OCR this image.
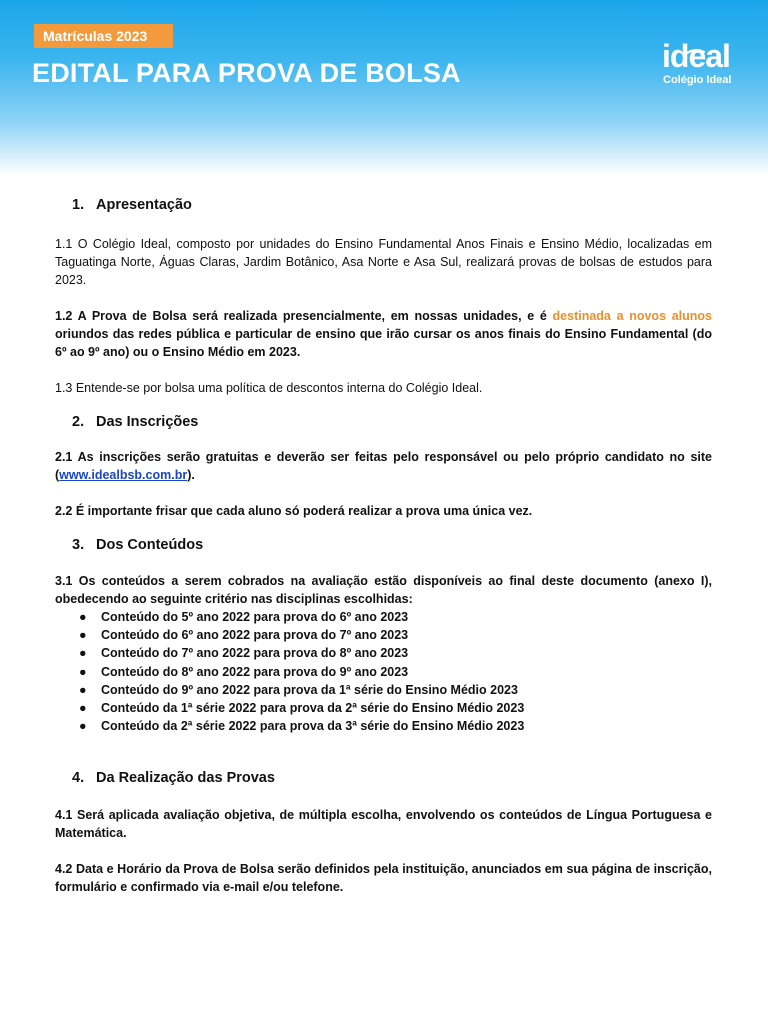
Matrículas 2023
EDITAL PARA PROVA DE BOLSA	ideal
Colégio Ideal
1. Apresentação

1.1 O Colégio Ideal, composto por unidades do Ensino Fundamental Anos Finais e Ensino Médio, localizadas em Taguatinga Norte, Águas Claras, Jardim Botânico, Asa Norte e Asa Sul, realizará provas de bolsas de estudos para 2023.

1.2 A Prova de Bolsa será realizada presencialmente, em nossas unidades, e é destinada a novos alunos oriundos das redes pública e particular de ensino que irão cursar os anos finais do Ensino Fundamental (do 6º ao 9º ano) ou o Ensino Médio em 2023.

1.3 Entende-se por bolsa uma política de descontos interna do Colégio Ideal.

2. Das Inscrições

2.1 As inscrições serão gratuitas e deverão ser feitas pelo responsável ou pelo próprio candidato no site (www.idealbsb.com.br).

2.2 É importante frisar que cada aluno só poderá realizar a prova uma única vez.

3. Dos Conteúdos

3.1 Os conteúdos a serem cobrados na avaliação estão disponíveis ao final deste documento (anexo I), obedecendo ao seguinte critério nas disciplinas escolhidas:

● Conteúdo do 5º ano 2022 para prova do 6º ano 2023
● Conteúdo do 6º ano 2022 para prova do 7º ano 2023
● Conteúdo do 7º ano 2022 para prova do 8º ano 2023
● Conteúdo do 8º ano 2022 para prova do 9º ano 2023
● Conteúdo do 9º ano 2022 para prova da 1ª série do Ensino Médio 2023
● Conteúdo da 1ª série 2022 para prova da 2ª série do Ensino Médio 2023
● Conteúdo da 2ª série 2022 para prova da 3ª série do Ensino Médio 2023
4. Da Realização das Provas

4.1 Será aplicada avaliação objetiva, de múltipla escolha, envolvendo os conteúdos de Língua Portuguesa e Matemática.

4.2 Data e Horário da Prova de Bolsa serão definidos pela instituição, anunciados em sua página de inscrição, formulário e confirmado via e-mail e/ou telefone.
